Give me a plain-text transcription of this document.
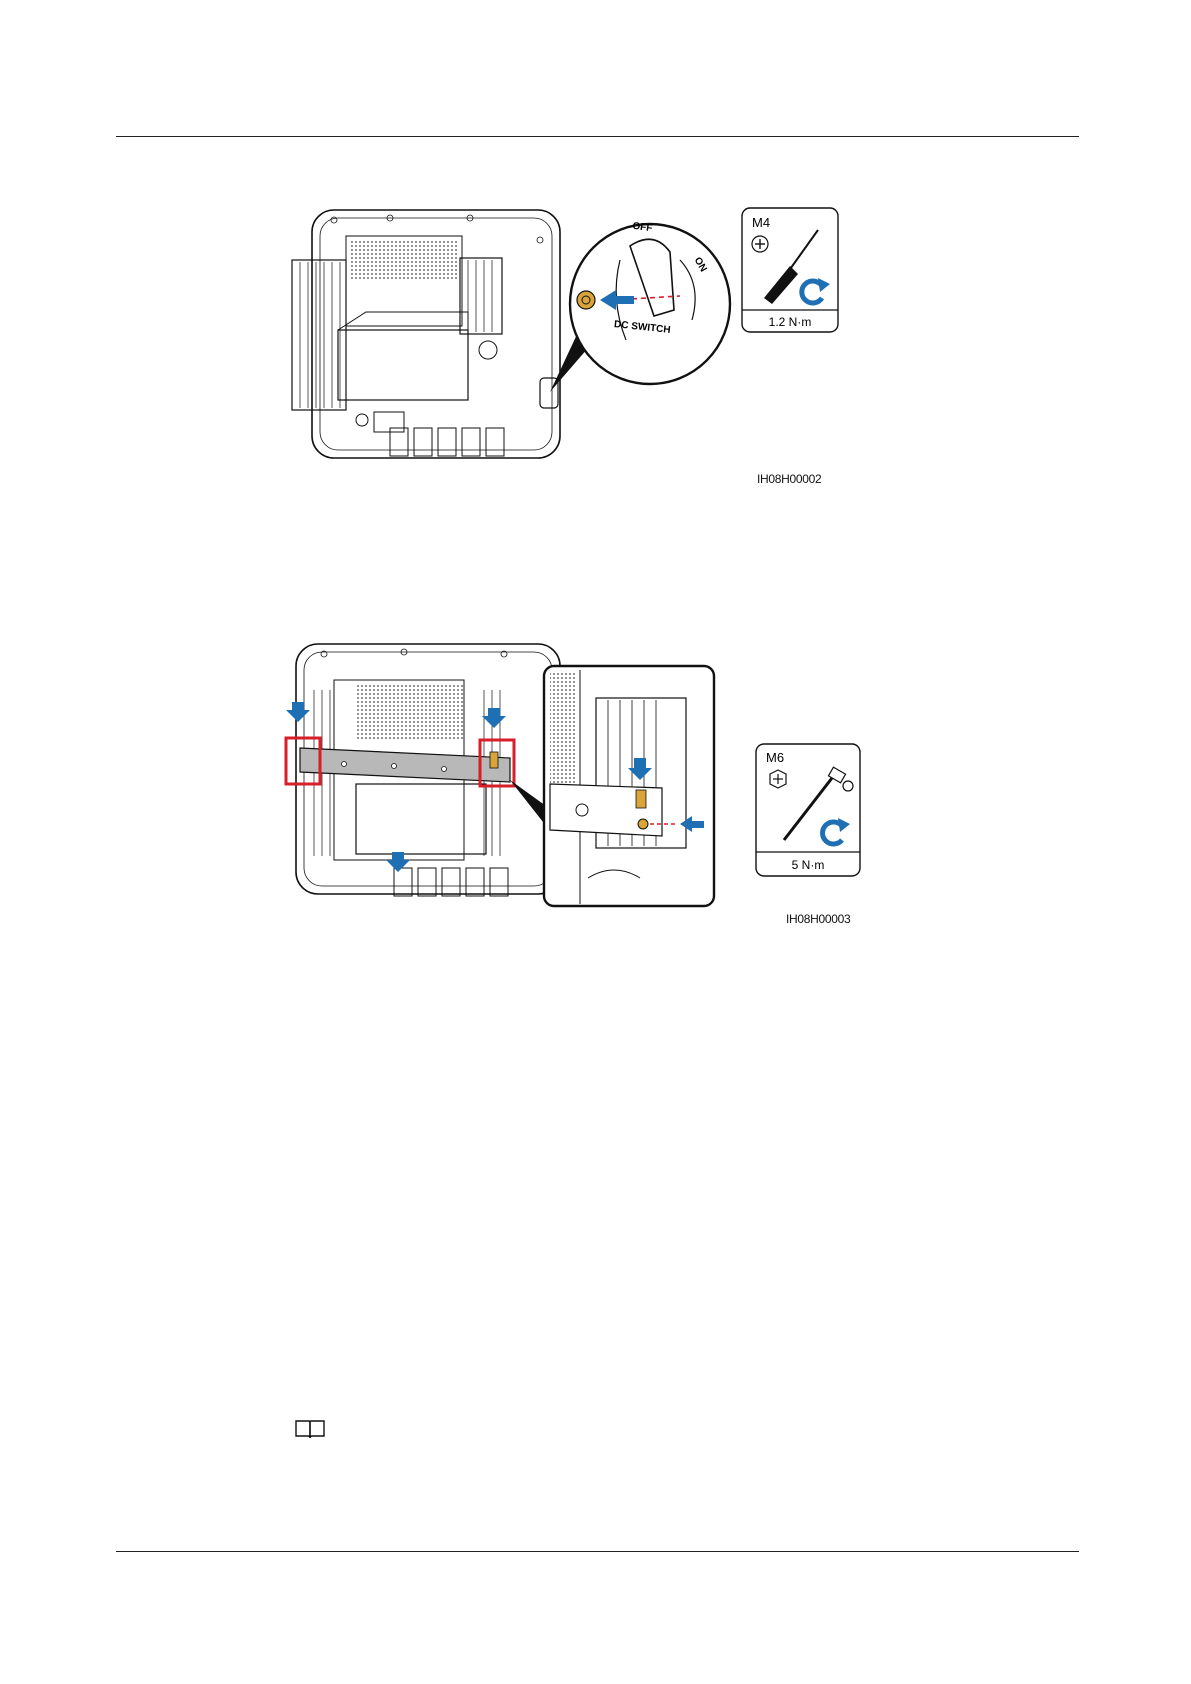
OFF
ON
DC SWITCH
M4
1.2 N·m
IH08H00002
M6
5 N·m
IH08H00003
